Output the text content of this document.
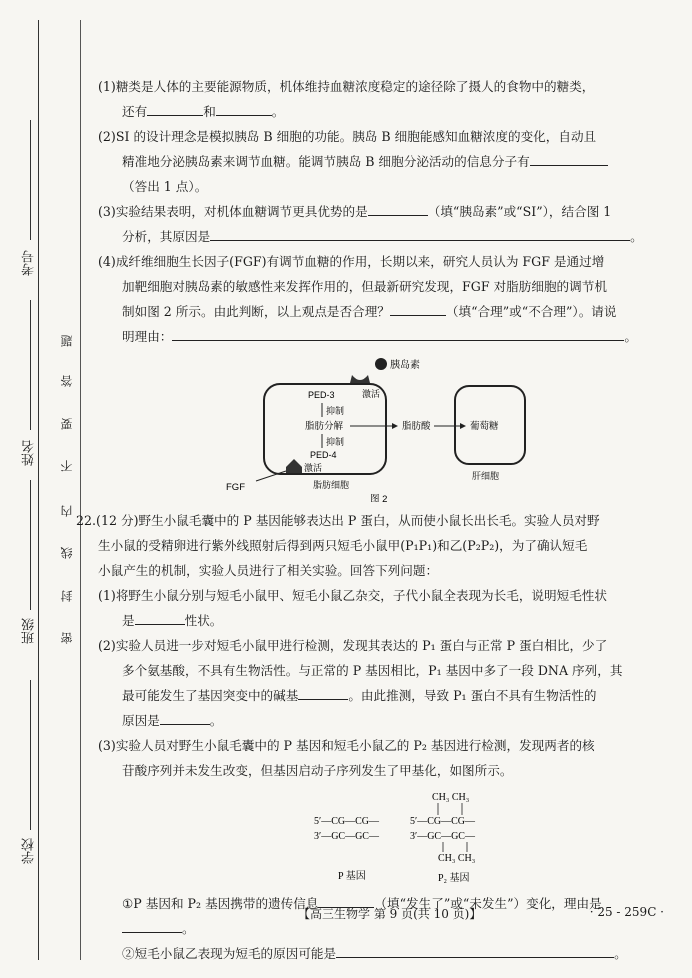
考号
姓名
班级
学校
题
答
要
不
内
线
封
密

(1)糖类是人体的主要能源物质，机体维持血糖浓度稳定的途径除了摄人的食物中的糖类，

还有	和	。

(2)SI 的设计理念是模拟胰岛 B 细胞的功能。胰岛 B 细胞能感知血糖浓度的变化，自动且

精准地分泌胰岛素来调节血糖。能调节胰岛 B 细胞分泌活动的信息分子有

（答出 1 点）。

(3)实验结果表明，对机体血糖调节更具优势的是	（填“胰岛素”或“SI”），结合图 1

分析，其原因是	。

(4)成纤维细胞生长因子(FGF)有调节血糖的作用，长期以来，研究人员认为 FGF 是通过增

加靶细胞对胰岛素的敏感性来发挥作用的，但最新研究发现，FGF 对脂肪细胞的调节机

制如图 2 所示。由此判断，以上观点是否合理？	（填“合理”或“不合理”）。请说

明理由：	。

胰岛素
激活
PED-3
抑制
脂肪分解
抑制
PED-4
激活
FGF	脂肪细胞
脂肪酸	葡萄糖
肝细胞
图 2

22.(12 分)野生小鼠毛囊中的 P 基因能够表达出 P 蛋白，从而使小鼠长出长毛。实验人员对野

生小鼠的受精卵进行紫外线照射后得到两只短毛小鼠甲(P₁P₁)和乙(P₂P₂)，为了确认短毛

小鼠产生的机制，实验人员进行了相关实验。回答下列问题：

(1)将野生小鼠分别与短毛小鼠甲、短毛小鼠乙杂交，子代小鼠全表现为长毛，说明短毛性状

是	性状。

(2)实验人员进一步对短毛小鼠甲进行检测，发现其表达的 P₁ 蛋白与正常 P 蛋白相比，少了

多个氨基酸，不具有生物活性。与正常的 P 基因相比，P₁ 基因中多了一段 DNA 序列，其

最可能发生了基因突变中的碱基	。由此推测，导致 P₁ 蛋白不具有生物活性的

原因是	。

(3)实验人员对野生小鼠毛囊中的 P 基因和短毛小鼠乙的 P₂ 基因进行检测，发现两者的核

苷酸序列并未发生改变，但基因启动子序列发生了甲基化，如图所示。

5′—CG—CG—
3′—GC—GC—
P 基因
CH₃ CH₃
5′—CG—CG—
3′—GC—GC—
CH₃ CH₃
P₂ 基因

①P 基因和 P₂ 基因携带的遗传信息	（填“发生了”或“未发生”）变化，理由是

。

②短毛小鼠乙表现为短毛的原因可能是	。

【高三生物学 第 9 页(共 10 页)】	· 25 - 259C ·
